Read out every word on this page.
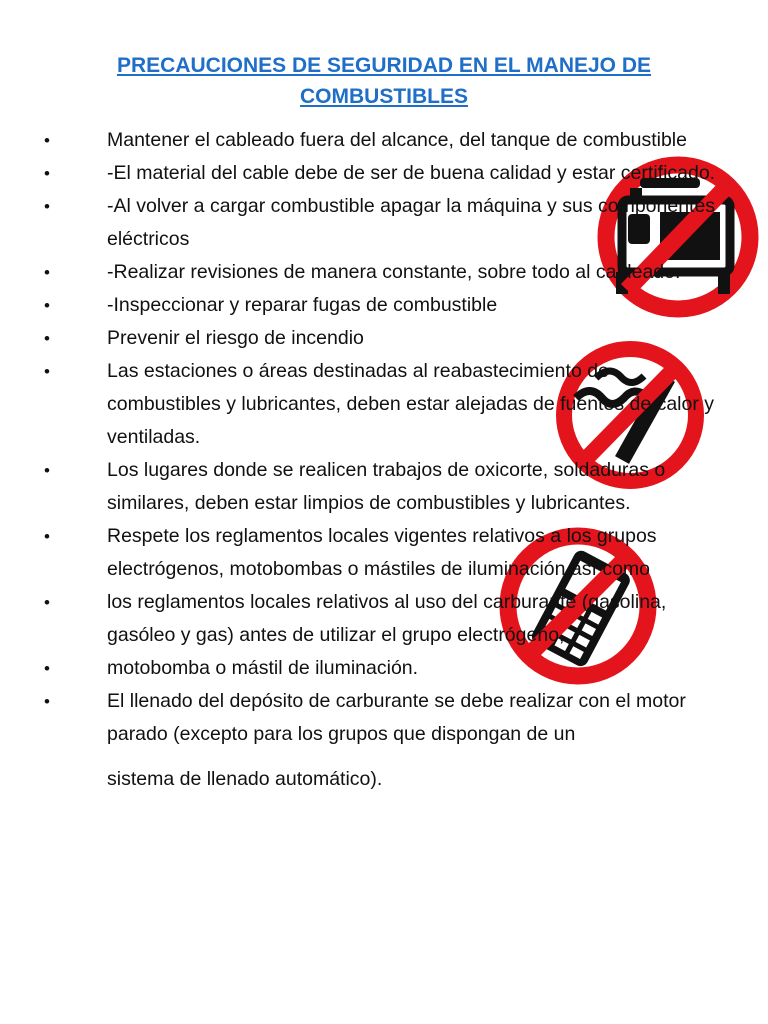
PRECAUCIONES DE SEGURIDAD EN EL MANEJO DE
COMBUSTIBLES
•	Mantener el cableado fuera del alcance, del tanque de combustible
•	-El material del cable debe de ser de buena calidad y estar certificado.
•	-Al volver a cargar combustible apagar la máquina y sus componentes eléctricos
•	-Realizar revisiones de manera constante, sobre todo al cableado.
•	-Inspeccionar y reparar fugas de combustible
•	Prevenir el riesgo de incendio
•	Las estaciones o áreas destinadas al reabastecimiento de combustibles y lubricantes, deben estar alejadas de fuentes de calor y ventiladas.
•	Los lugares donde se realicen trabajos de oxicorte, soldaduras o similares, deben estar limpios de combustibles y lubricantes.
•	Respete los reglamentos locales vigentes relativos a los grupos electrógenos, motobombas o mástiles de iluminación así como
•	los reglamentos locales relativos al uso del carburante (gasolina, gasóleo y gas) antes de utilizar el grupo electrógeno,
•	motobomba o mástil de iluminación.
•	El llenado del depósito de carburante se debe realizar con el motor parado (excepto para los grupos que dispongan de un
sistema de llenado automático).
